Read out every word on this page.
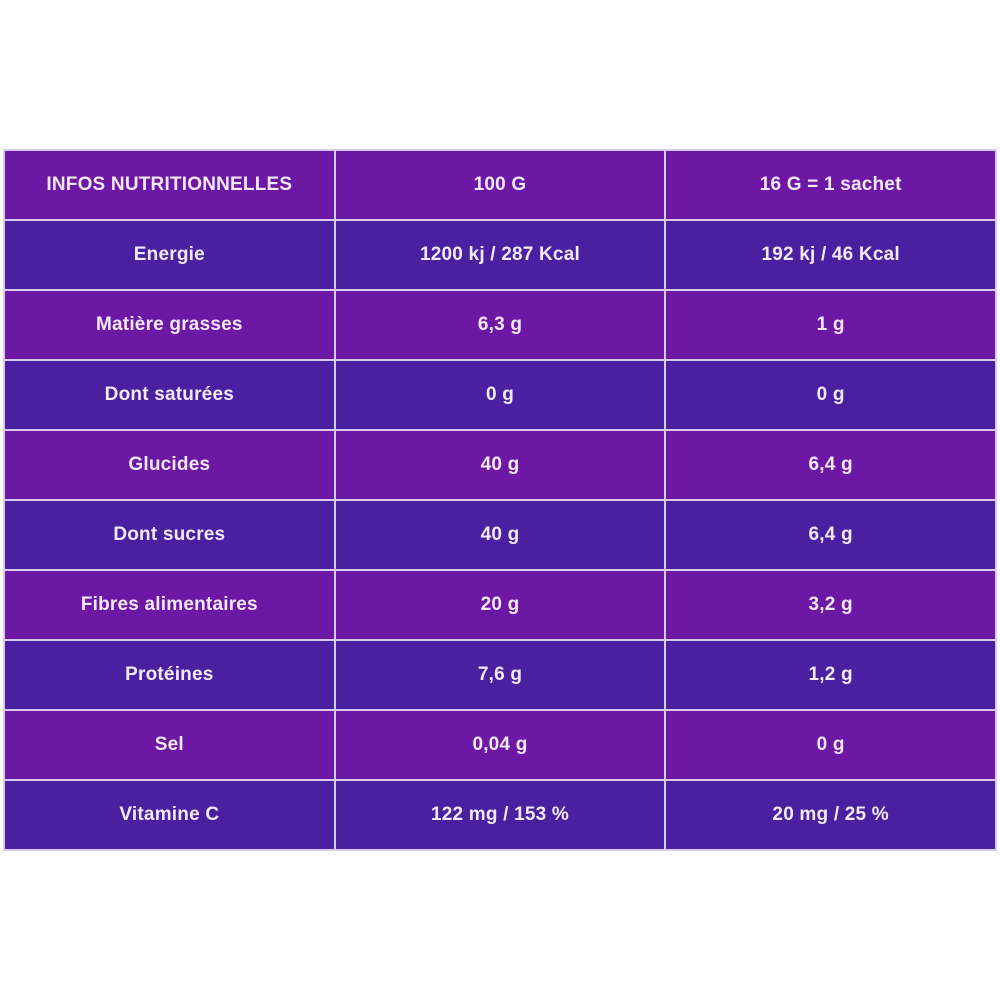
INFOS NUTRITIONNELLES	100 G	16 G = 1 sachet
Energie	1200 kj / 287 Kcal	192 kj / 46 Kcal
Matière grasses	6,3 g	1 g
Dont saturées	0 g	0 g
Glucides	40 g	6,4 g
Dont sucres	40 g	6,4 g
Fibres alimentaires	20 g	3,2 g
Protéines	7,6 g	1,2 g
Sel	0,04 g	0 g
Vitamine C	122 mg / 153 %	20 mg / 25 %
